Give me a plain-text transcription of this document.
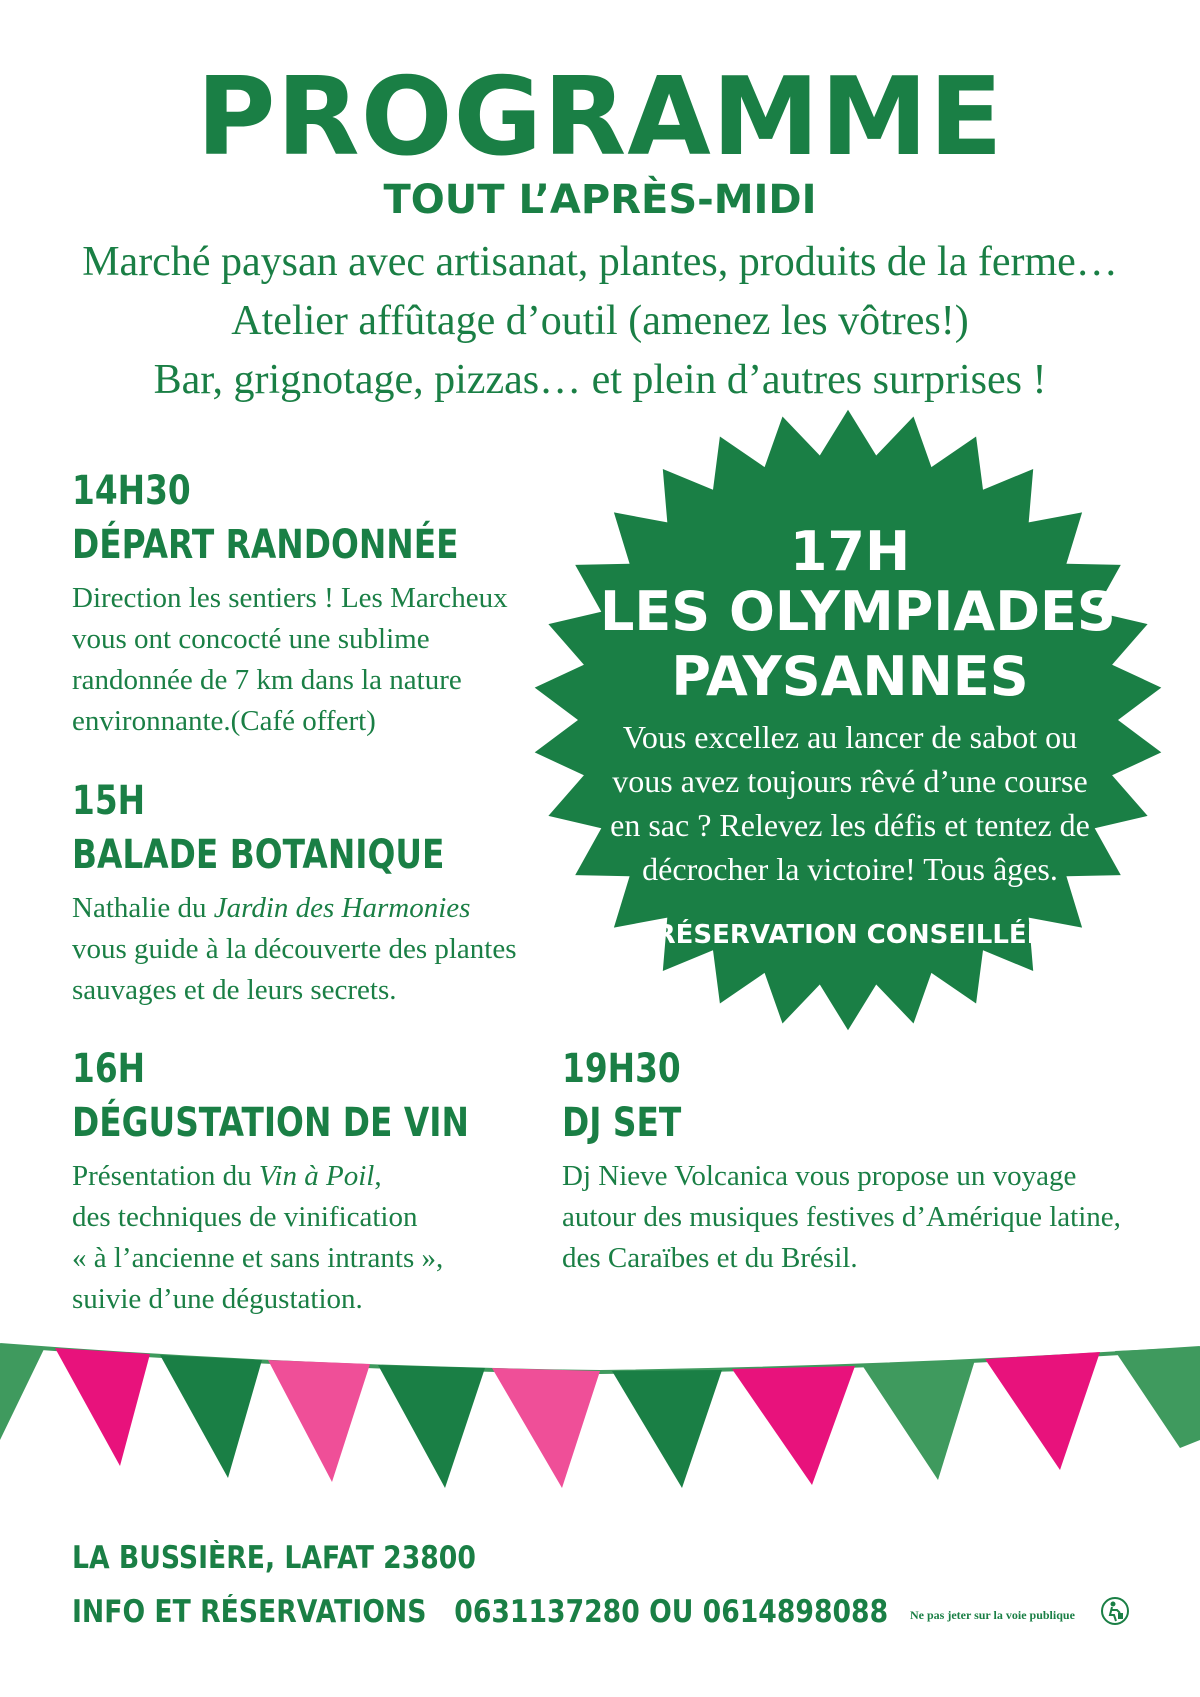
PROGRAMME
TOUT L’APRÈS-MIDI
Marché paysan avec artisanat, plantes, produits de la ferme…
Atelier affûtage d’outil (amenez les vôtres!)
Bar, grignotage, pizzas… et plein d’autres surprises !
17H
LES OLYMPIADES
PAYSANNES
Vous excellez au lancer de sabot ou
vous avez toujours rêvé d’une course
en sac ? Relevez les défis et tentez de
décrocher la victoire! Tous âges.
RÉSERVATION CONSEILLÉE
14H30
DÉPART RANDONNÉE
Direction les sentiers ! Les Marcheux
vous ont concocté une sublime
randonnée de 7 km dans la nature
environnante.(Café offert)
15H
BALADE BOTANIQUE
Nathalie du Jardin des Harmonies
vous guide à la découverte des plantes
sauvages et de leurs secrets.
16H
DÉGUSTATION DE VIN
Présentation du Vin à Poil,
des techniques de vinification
« à l’ancienne et sans intrants »,
suivie d’une dégustation.
19H30
DJ SET
Dj Nieve Volcanica vous propose un voyage
autour des musiques festives d’Amérique latine,
des Caraïbes et du Brésil.
LA BUSSIÈRE, LAFAT 23800
INFO ET RÉSERVATIONS 0631137280 OU 0614898088 Ne pas jeter sur la voie publique
